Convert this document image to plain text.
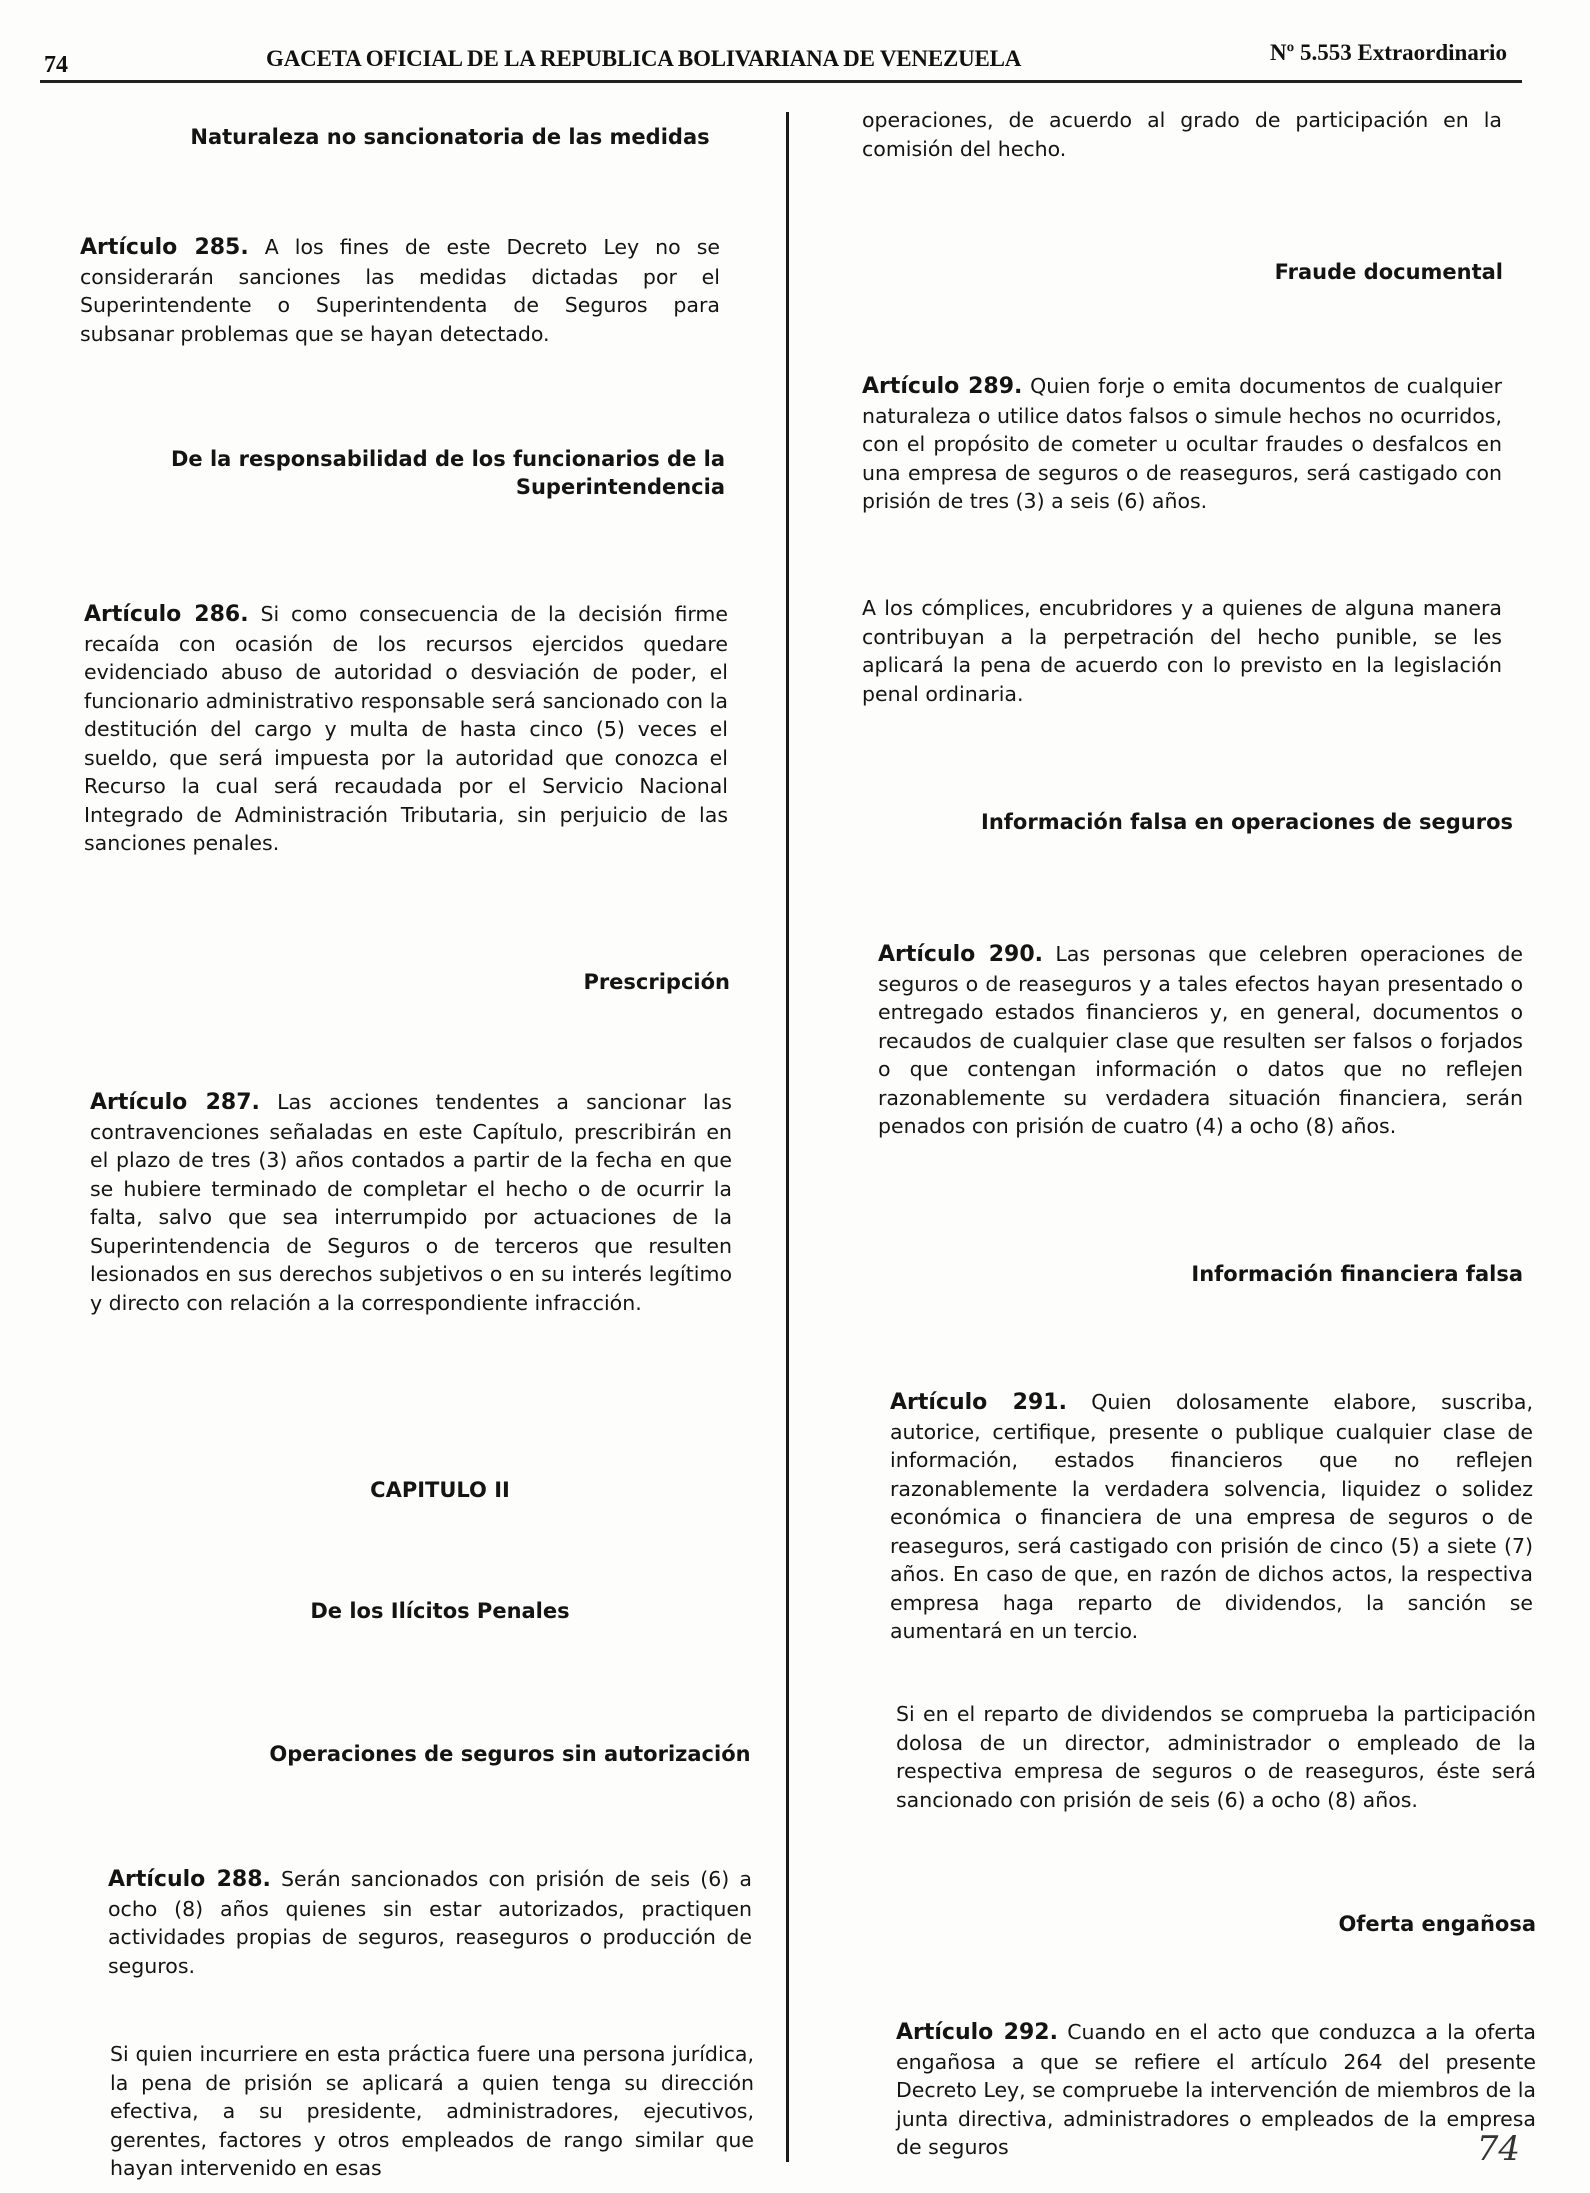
74	GACETA OFICIAL DE LA REPUBLICA BOLIVARIANA DE VENEZUELA	Nº 5.553 Extraordinario

Naturaleza no sancionatoria de las medidas

Artículo 285. A los fines de este Decreto Ley no se considerarán sanciones las medidas dictadas por el Superintendente o Superintendenta de Seguros para subsanar problemas que se hayan detectado.

De la responsabilidad de los funcionarios de la

Superintendencia

Artículo 286. Si como consecuencia de la decisión firme recaída con ocasión de los recursos ejercidos quedare evidenciado abuso de autoridad o desviación de poder, el funcionario administrativo responsable será sancionado con la destitución del cargo y multa de hasta cinco (5) veces el sueldo, que será impuesta por la autoridad que conozca el Recurso la cual será recaudada por el Servicio Nacional Integrado de Administración Tributaria, sin perjuicio de las sanciones penales.

Prescripción

Artículo 287. Las acciones tendentes a sancionar las contravenciones señaladas en este Capítulo, prescribirán en el plazo de tres (3) años contados a partir de la fecha en que se hubiere terminado de completar el hecho o de ocurrir la falta, salvo que sea interrumpido por actuaciones de la Superintendencia de Seguros o de terceros que resulten lesionados en sus derechos subjetivos o en su interés legítimo y directo con relación a la correspondiente infracción.

CAPITULO II

De los Ilícitos Penales

Operaciones de seguros sin autorización

Artículo 288. Serán sancionados con prisión de seis (6) a ocho (8) años quienes sin estar autorizados, practiquen actividades propias de seguros, reaseguros o producción de seguros.

Si quien incurriere en esta práctica fuere una persona jurídica, la pena de prisión se aplicará a quien tenga su dirección efectiva, a su presidente, administradores, ejecutivos, gerentes, factores y otros empleados de rango similar que hayan intervenido en esas

operaciones, de acuerdo al grado de participación en la comisión del hecho.

Fraude documental

Artículo 289. Quien forje o emita documentos de cualquier naturaleza o utilice datos falsos o simule hechos no ocurridos, con el propósito de cometer u ocultar fraudes o desfalcos en una empresa de seguros o de reaseguros, será castigado con prisión de tres (3) a seis (6) años.

A los cómplices, encubridores y a quienes de alguna manera contribuyan a la perpetración del hecho punible, se les aplicará la pena de acuerdo con lo previsto en la legislación penal ordinaria.

Información falsa en operaciones de seguros

Artículo 290. Las personas que celebren operaciones de seguros o de reaseguros y a tales efectos hayan presentado o entregado estados financieros y, en general, documentos o recaudos de cualquier clase que resulten ser falsos o forjados o que contengan información o datos que no reflejen razonablemente su verdadera situación financiera, serán penados con prisión de cuatro (4) a ocho (8) años.

Información financiera falsa

Artículo 291. Quien dolosamente elabore, suscriba, autorice, certifique, presente o publique cualquier clase de información, estados financieros que no reflejen razonablemente la verdadera solvencia, liquidez o solidez económica o financiera de una empresa de seguros o de reaseguros, será castigado con prisión de cinco (5) a siete (7) años. En caso de que, en razón de dichos actos, la respectiva empresa haga reparto de dividendos, la sanción se aumentará en un tercio.

Si en el reparto de dividendos se comprueba la participación dolosa de un director, administrador o empleado de la respectiva empresa de seguros o de reaseguros, éste será sancionado con prisión de seis (6) a ocho (8) años.

Oferta engañosa

Artículo 292. Cuando en el acto que conduzca a la oferta engañosa a que se refiere el artículo 264 del presente Decreto Ley, se compruebe la intervención de miembros de la junta directiva, administradores o empleados de la empresa de seguros	74
